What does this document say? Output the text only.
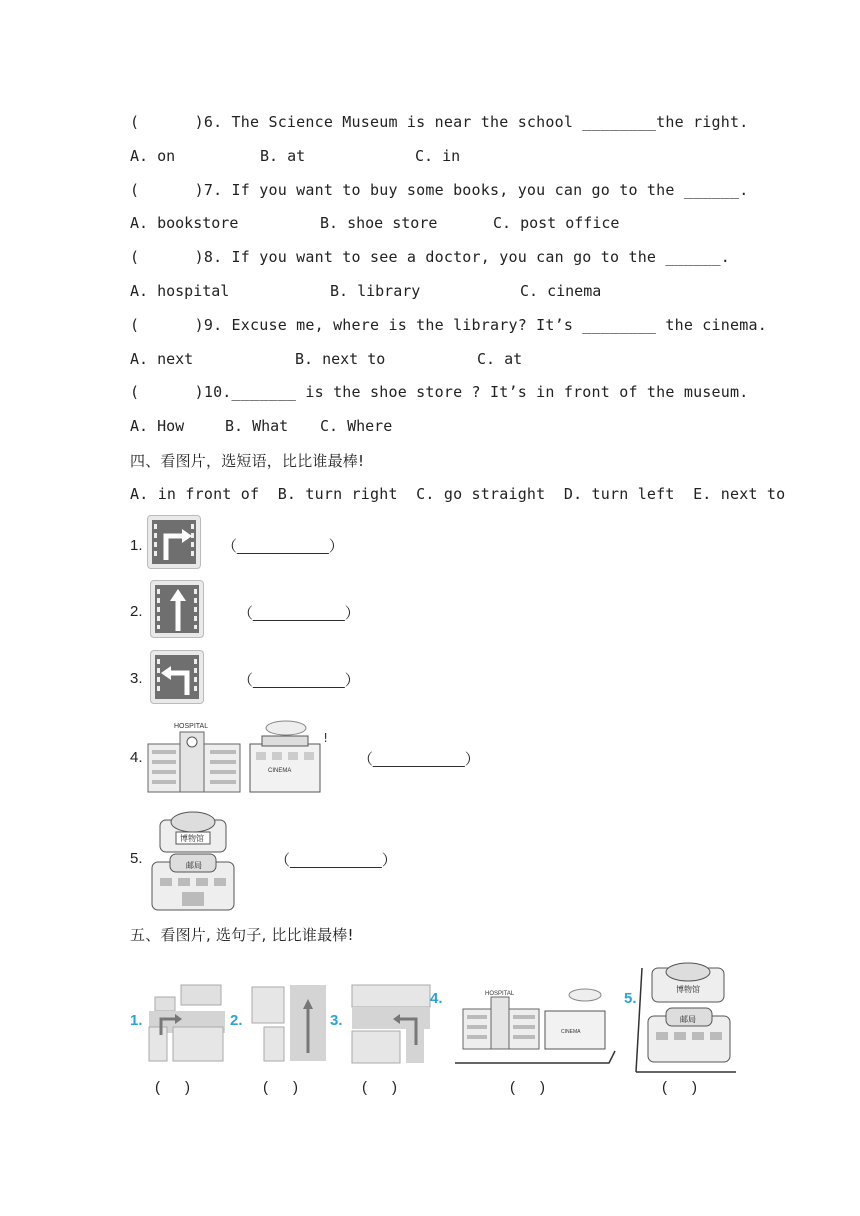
(      )6. The Science Museum is near the school ________the right.
A. on	B. at	C. in
(      )7. If you want to buy some books, you can go to the ______.
A. bookstore	B. shoe store	C. post office
(      )8. If you want to see a doctor, you can go to the ______.
A. hospital	B. library	C. cinema
(      )9. Excuse me, where is the library? It’s ________ the cinema.
A. next	B. next to	C. at
(      )10._______ is the shoe store ? It’s in front of the museum.
A. How	B. What C. Where
四、看图片，选短语，比比谁最棒!
A. in front of  B. turn right  C. go straight  D. turn left  E. next to
1.	（___________）
2.	（___________）
3.	（___________）
4.
HOSPITAL
CINEMA
!
（___________）
5.
博物馆
邮局	（___________）
五、看图片, 选句子, 比比谁最棒!
1.	2.	3.
4.	HOSPITAL
CINEMA
5.
博物馆
邮局
(      )	(      )	(      )	(      )	(      )
